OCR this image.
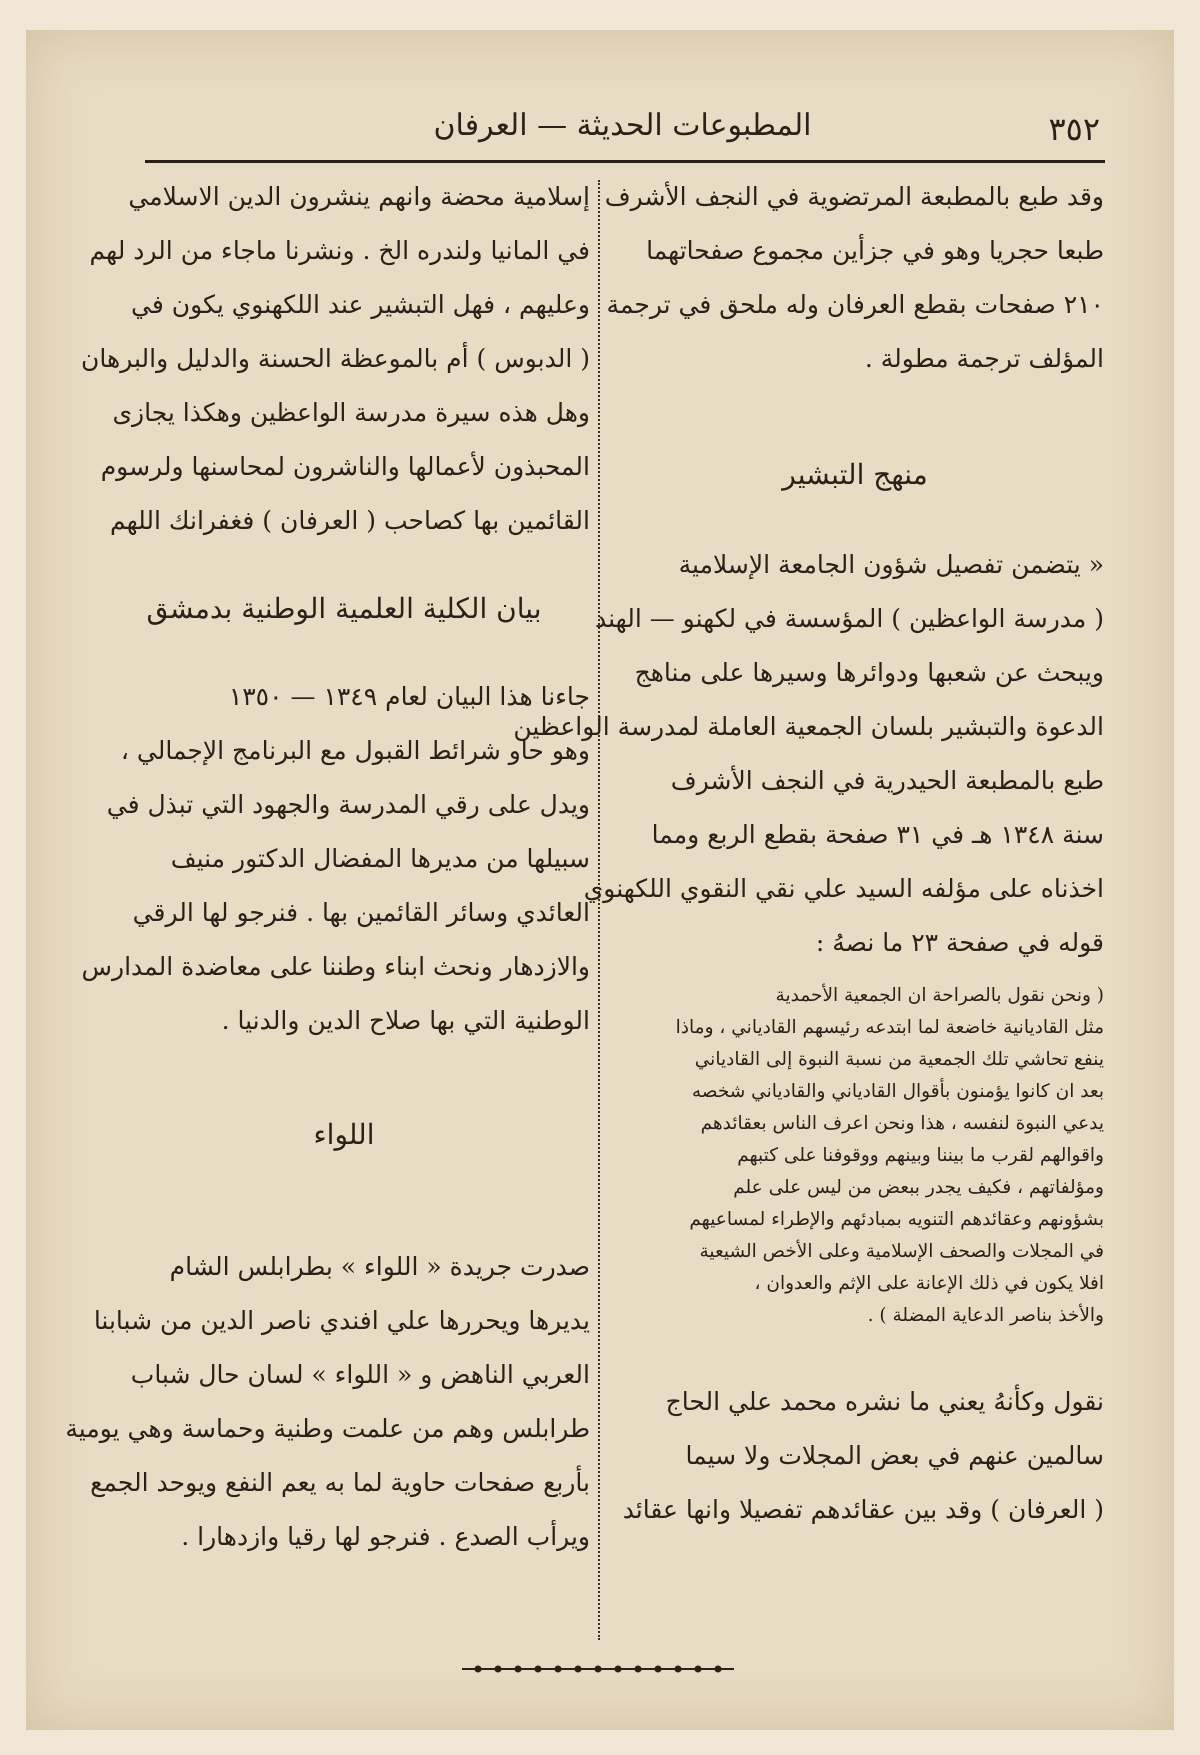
٣٥٢
المطبوعات الحديثة — العرفان
وقد طبع بالمطبعة المرتضوية في النجف الأشرف
طبعا حجريا وهو في جزأين مجموع صفحاتهما
٢١٠ صفحات بقطع العرفان وله ملحق في ترجمة
المؤلف ترجمة مطولة .
منهج التبشير
« يتضمن تفصيل شؤون الجامعة الإسلامية
( مدرسة الواعظين ) المؤسسة في لكهنو — الهند
ويبحث عن شعبها ودوائرها وسيرها على مناهج
الدعوة والتبشير بلسان الجمعية العاملة لمدرسة الواعظين
طبع بالمطبعة الحيدرية في النجف الأشرف
سنة ١٣٤٨ هـ في ٣١ صفحة بقطع الربع ومما
اخذناه على مؤلفه السيد علي نقي النقوي اللكهنوي
قوله في صفحة ٢٣ ما نصهُ :
( ونحن نقول بالصراحة ان الجمعية الأحمدية
مثل القاديانية خاضعة لما ابتدعه رئيسهم القادياني ، وماذا
ينفع تحاشي تلك الجمعية من نسبة النبوة إلى القادياني
بعد ان كانوا يؤمنون بأقوال القادياني والقادياني شخصه
يدعي النبوة لنفسه ، هذا ونحن اعرف الناس بعقائدهم
واقوالهم لقرب ما بيننا وبينهم ووقوفنا على كتبهم
ومؤلفاتهم ، فكيف يجدر ببعض من ليس على علم
بشؤونهم وعقائدهم التنويه بمبادئهم والإطراء لمساعيهم
في المجلات والصحف الإسلامية وعلى الأخص الشيعية
افلا يكون في ذلك الإعانة على الإثم والعدوان ،
والأخذ بناصر الدعاية المضلة ) .
نقول وكأنهُ يعني ما نشره محمد علي الحاج
سالمين عنهم في بعض المجلات ولا سيما
( العرفان ) وقد بين عقائدهم تفصيلا وانها عقائد
إسلامية محضة وانهم ينشرون الدين الاسلامي
في المانيا ولندره الخ . ونشرنا ماجاء من الرد لهم
وعليهم ، فهل التبشير عند اللكهنوي يكون في
( الدبوس ) أم بالموعظة الحسنة والدليل والبرهان
وهل هذه سيرة مدرسة الواعظين وهكذا يجازى
المحبذون لأعمالها والناشرون لمحاسنها ولرسوم
القائمين بها كصاحب ( العرفان ) فغفرانك اللهم
بيان الكلية العلمية الوطنية بدمشق
جاءنا هذا البيان لعام ١٣٤٩ — ١٣٥٠
وهو حاو شرائط القبول مع البرنامج الإجمالي ،
ويدل على رقي المدرسة والجهود التي تبذل في
سبيلها من مديرها المفضال الدكتور منيف
العائدي وسائر القائمين بها . فنرجو لها الرقي
والازدهار ونحث ابناء وطننا على معاضدة المدارس
الوطنية التي بها صلاح الدين والدنيا .
اللواء
صدرت جريدة « اللواء » بطرابلس الشام
يديرها ويحررها علي افندي ناصر الدين من شبابنا
العربي الناهض و « اللواء » لسان حال شباب
طرابلس وهم من علمت وطنية وحماسة وهي يومية
بأربع صفحات حاوية لما به يعم النفع ويوحد الجمع
ويرأب الصدع . فنرجو لها رقيا وازدهارا .
